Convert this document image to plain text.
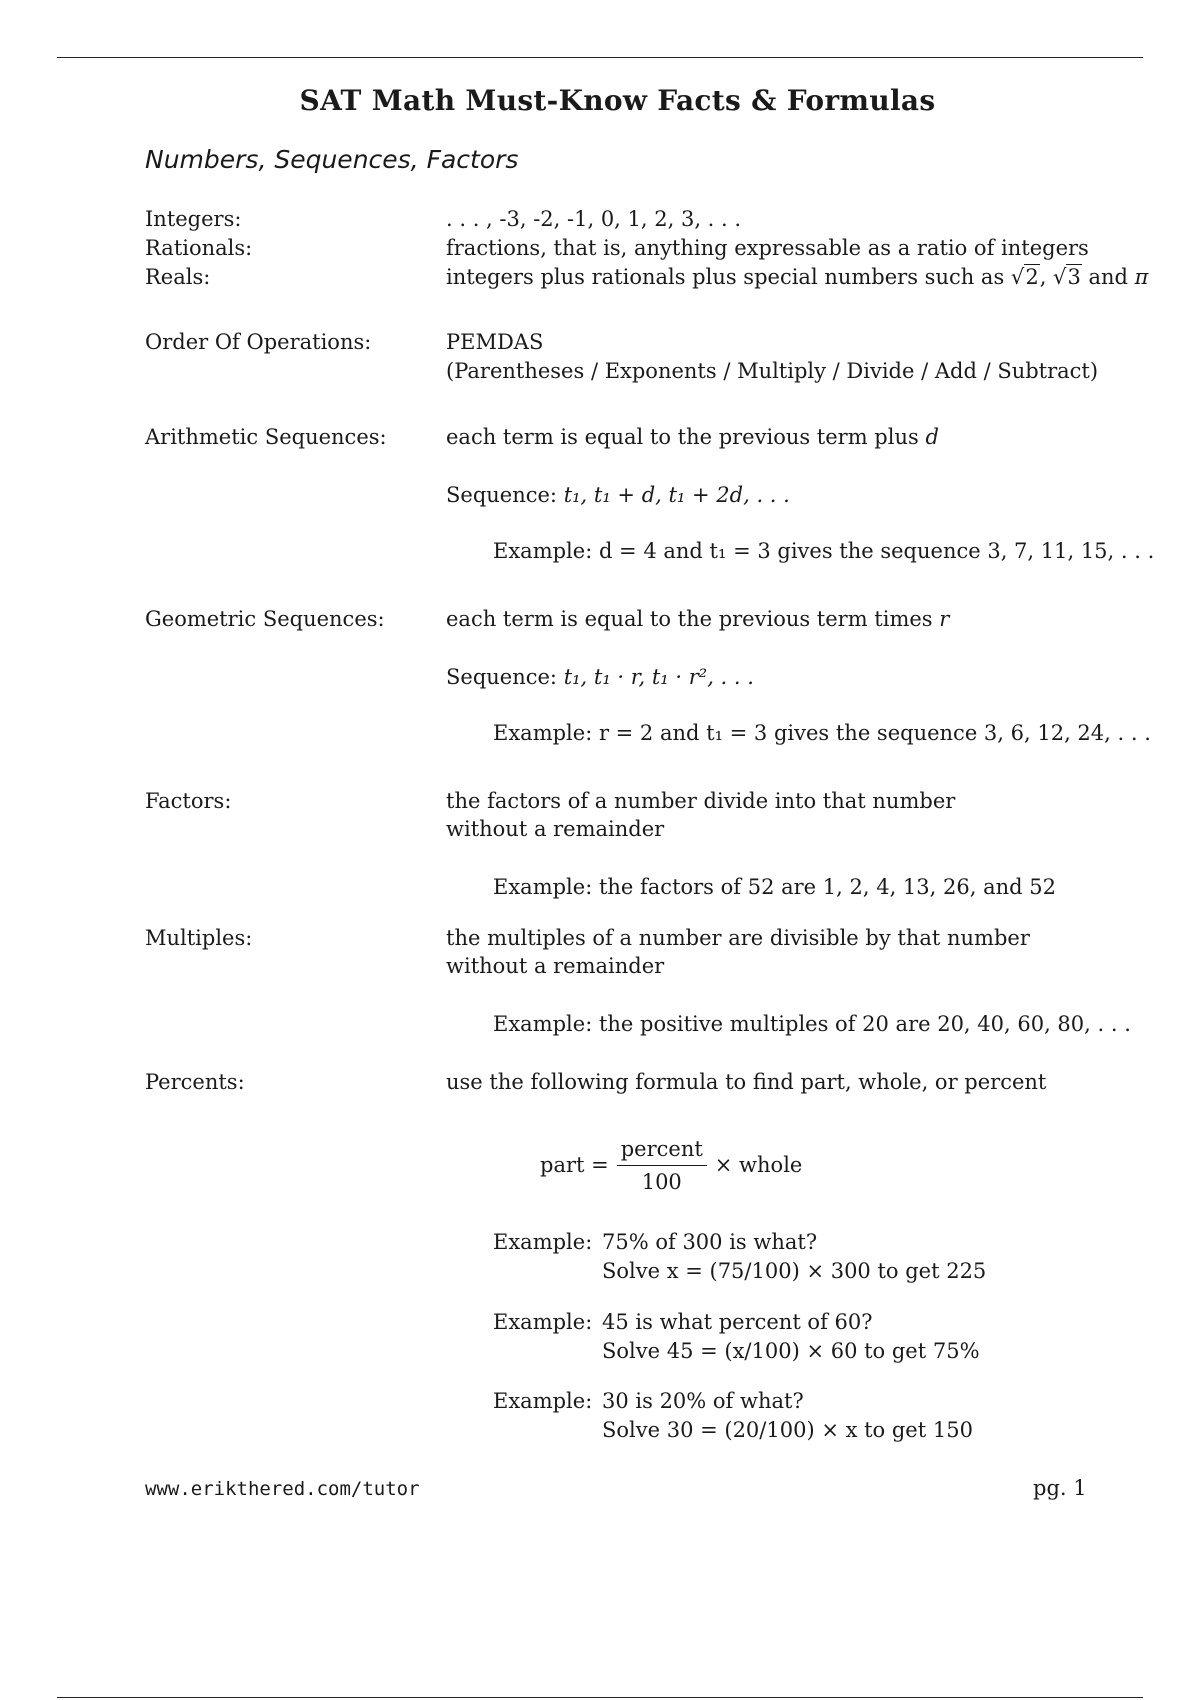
SAT Math Must-Know Facts & Formulas
Numbers, Sequences, Factors
Integers:	. . . , -3, -2, -1, 0, 1, 2, 3, . . .
Rationals:	fractions, that is, anything expressable as a ratio of integers
Reals:	integers plus rationals plus special numbers such as √2, √3 and π
Order Of Operations:	PEMDAS
(Parentheses / Exponents / Multiply / Divide / Add / Subtract)
Arithmetic Sequences:	each term is equal to the previous term plus d
Sequence: t₁, t₁ + d, t₁ + 2d, . . .
Example: d = 4 and t₁ = 3 gives the sequence 3, 7, 11, 15, . . .
Geometric Sequences:	each term is equal to the previous term times r
Sequence: t₁, t₁ · r, t₁ · r², . . .
Example: r = 2 and t₁ = 3 gives the sequence 3, 6, 12, 24, . . .
Factors:	the factors of a number divide into that number
without a remainder
Example: the factors of 52 are 1, 2, 4, 13, 26, and 52
Multiples:	the multiples of a number are divisible by that number
without a remainder
Example: the positive multiples of 20 are 20, 40, 60, 80, . . .
Percents:	use the following formula to find part, whole, or percent
part = $\frac{\text{percent}}{100}$ × whole
Example: 75% of 300 is what?
Solve x = (75/100) × 300 to get 225
Example: 45 is what percent of 60?
Solve 45 = (x/100) × 60 to get 75%
Example: 30 is 20% of what?
Solve 30 = (20/100) × x to get 150
www.erikthered.com/tutor	pg. 1
